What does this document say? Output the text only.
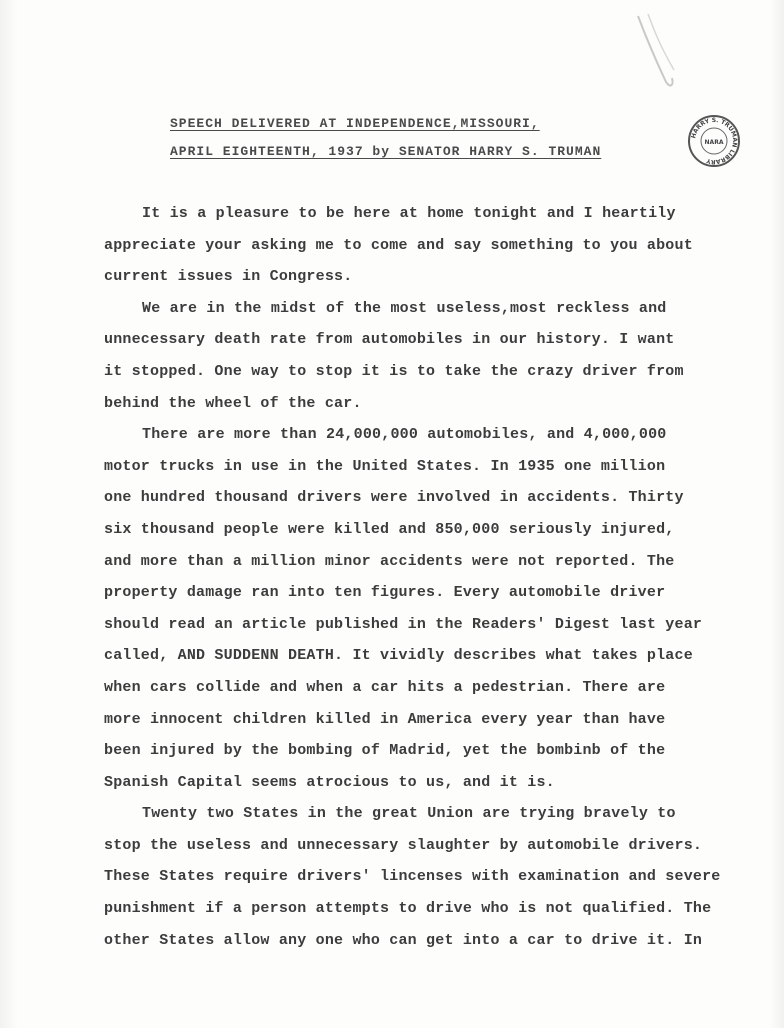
SPEECH DELIVERED AT INDEPENDENCE,MISSOURI,
APRIL EIGHTEENTH, 1937 by SENATOR HARRY S. TRUMAN
HARRY S. TRUMAN LIBRARY
NARA
It is a pleasure to be here at home tonight and I heartily
appreciate your asking me to come and say something to you about
current issues in Congress.
We are in the midst of the most useless,most reckless and
unnecessary death rate from automobiles in our history. I want
it stopped. One way to stop it is to take the crazy driver from
behind the wheel of the car.
There are more than 24,000,000 automobiles, and 4,000,000
motor trucks in use in the United States. In 1935 one million
one hundred thousand drivers were involved in accidents. Thirty
six thousand people were killed and 850,000 seriously injured,
and more than a million minor accidents were not reported. The
property damage ran into ten figures. Every automobile driver
should read an article published in the Readers' Digest last year
called, AND SUDDENN DEATH. It vividly describes what takes place
when cars collide and when a car hits a pedestrian. There are
more innocent children killed in America every year than have
been injured by the bombing of Madrid, yet the bombinb of the
Spanish Capital seems atrocious to us, and it is.
Twenty two States in the great Union are trying bravely to
stop the useless and unnecessary slaughter by automobile drivers.
These States require drivers' lincenses with examination and severe
punishment if a person attempts to drive who is not qualified. The
other States allow any one who can get into a car to drive it. In
